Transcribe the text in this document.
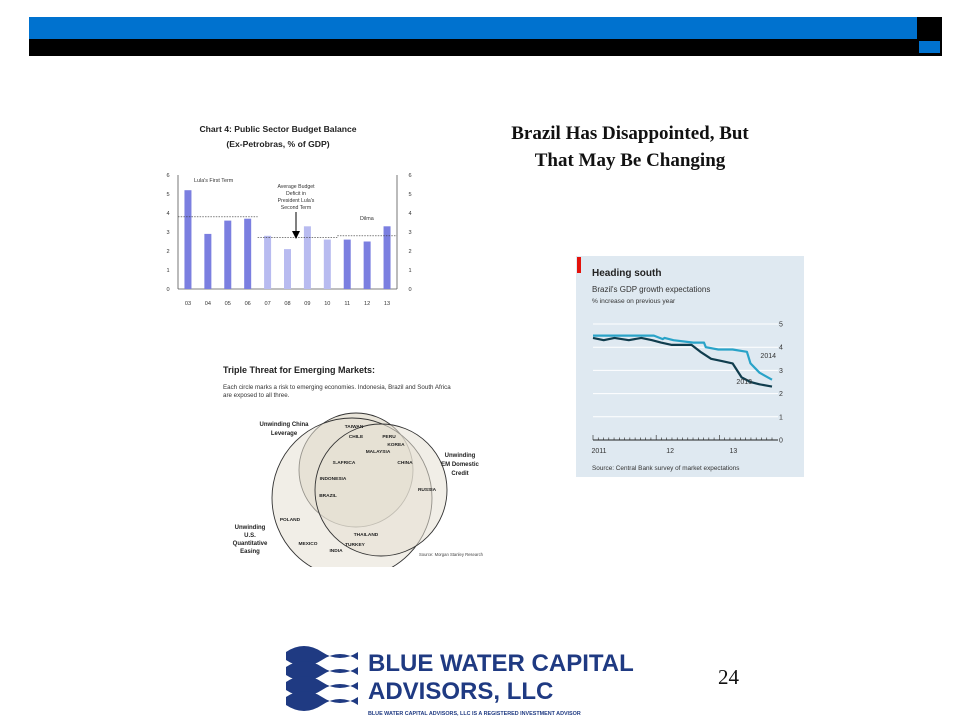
Brazil Has Disappointed, But
That May Be Changing
Chart 4: Public Sector Budget Balance
(Ex-Petrobras, % of GDP)
0	0
1	1
2	2
3	3
4	4
5	5
6	6
03 04 05 06 07 08 09 10 11 12 13
Lula's First Term
Average Budget
Deficit in
President Lula's
Second Term
Dilma
Heading south
Brazil's GDP growth expectations
% increase on previous year
0
1
2
3
4
5
2011	12	13
2014
2013
Source: Central Bank survey of market expectations
Triple Threat for Emerging Markets:
Each circle marks a risk to emerging economies. Indonesia, Brazil and South Africa
are exposed to all three.
Unwinding China
Leverage
Unwinding
EM Domestic
Credit
Unwinding
U.S.
Quantitative
Easing
TAIWAN
CHILE	PERU
KOREA
MALAYSIA
S.AFRICA	CHINA
INDONESIA
BRAZIL
RUSSIA
POLAND
THAILAND
MEXICO	TURKEY
INDIA
Source: Morgan Stanley Research
BLUE WATER CAPITAL
ADVISORS, LLC
BLUE WATER CAPITAL ADVISORS, LLC IS A REGISTERED INVESTMENT ADVISOR
24
